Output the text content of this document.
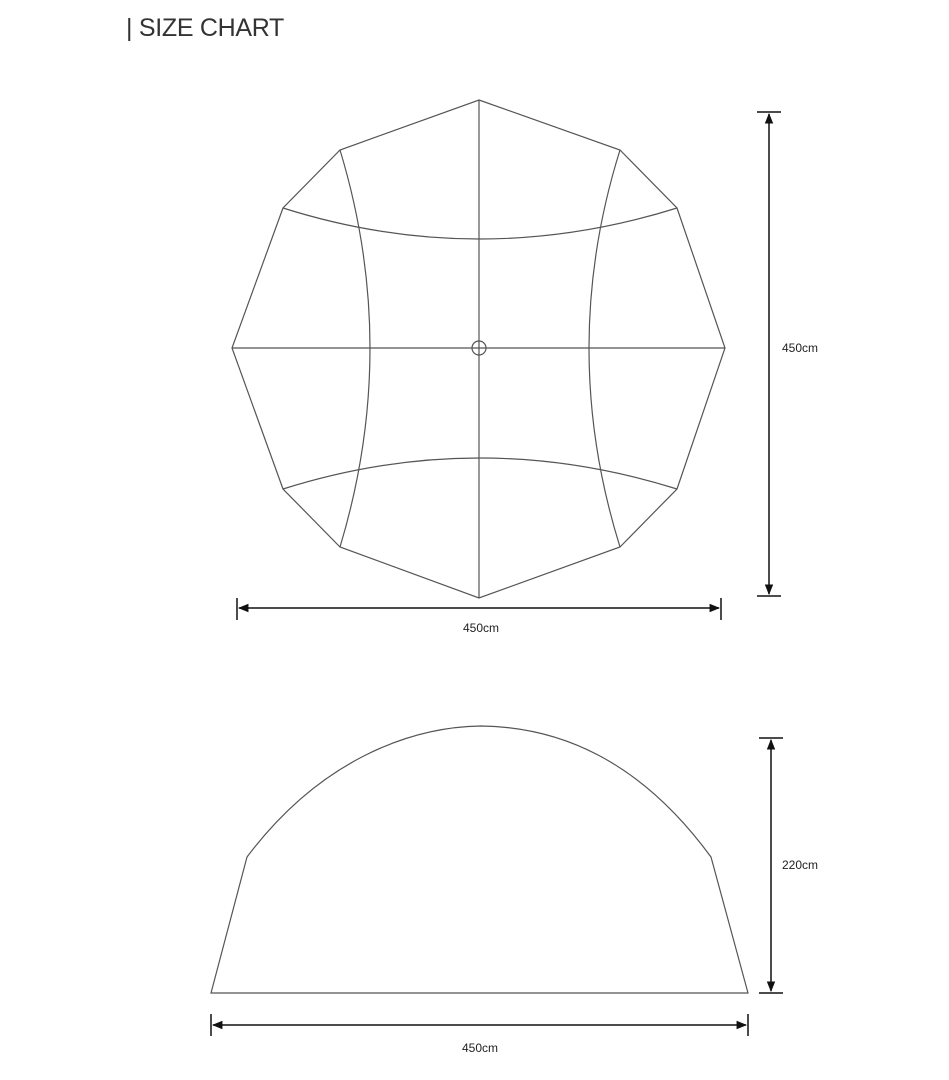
| SIZE CHART
450cm
450cm
220cm
450cm
